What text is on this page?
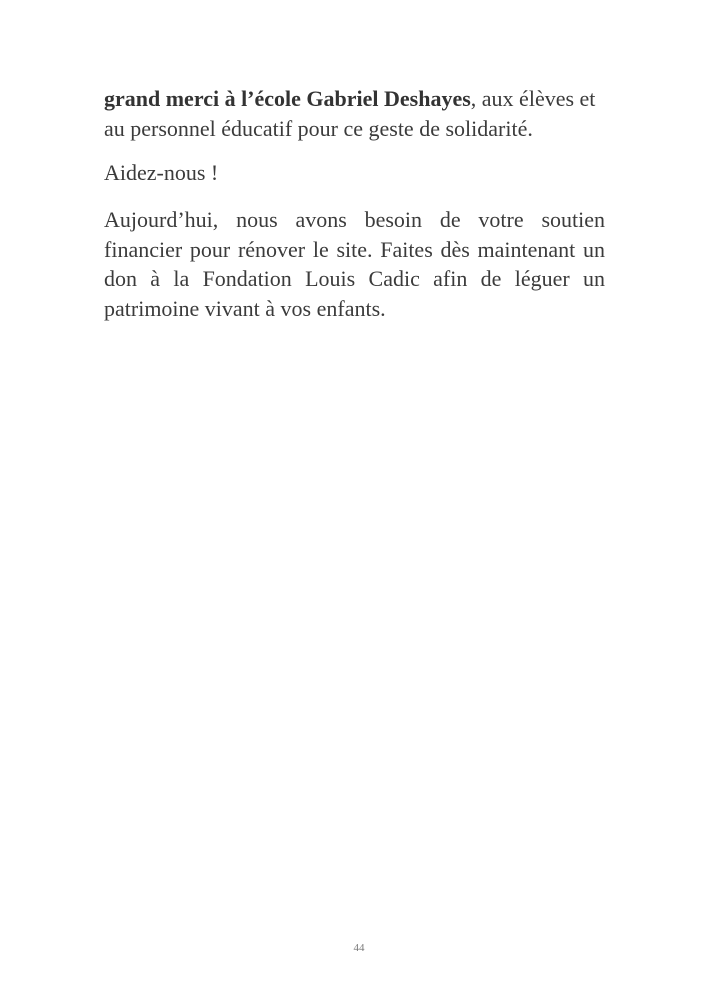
grand merci à l’école Gabriel Deshayes, aux élèves et au personnel éducatif pour ce geste de solidarité.

Aidez-nous !

Aujourd’hui, nous avons besoin de votre soutien financier pour rénover le site. Faites dès maintenant un don à la Fondation Louis Cadic afin de léguer un patrimoine vivant à vos enfants.

44
